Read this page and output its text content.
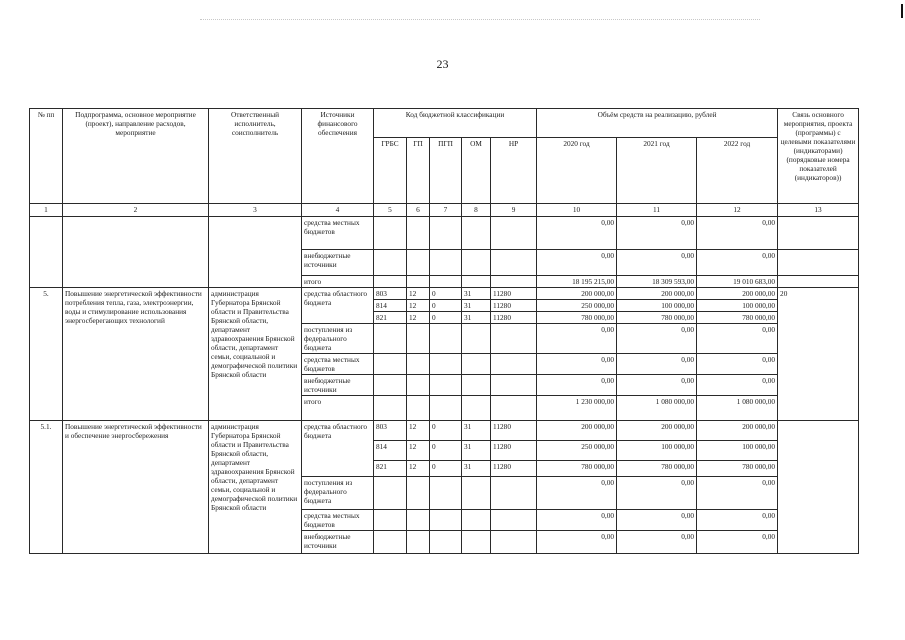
23
№ пп	Подпрограмма, основное мероприятие (проект), направление расходов, мероприятие	Ответственный исполнитель, соисполнитель	Источники финансового обеспечения	Код бюджетной классификации					Объём средств на реализацию, рублей			Связь основного мероприятия, проекта (программы) с целевыми показателями (индикаторами) (порядковые номера показателей (индикаторов))
				ГРБС	ГП	ПГП	ОМ	НР	2020 год	2021 год	2022 год	
1	2	3	4	5	6	7	8	9	10	11	12	13
			средства местных бюджетов						0,00	0,00	0,00	
			внебюджетные источники						0,00	0,00	0,00	
			итого						18 195 215,00	18 309 593,00	19 010 683,00	
5.	Повышение энергетической эффективности потребления тепла, газа, электроэнергии, воды и стимулирование использования энергосберегающих технологий	администрация Губернатора Брянской области и Правительства Брянской области, департамент здравоохранения Брянской области, департамент семьи, социальной и демографической политики Брянской области	средства областного бюджета	803	12	0	31	11280	200 000,00	200 000,00	200 000,00	20
				814	12	0	31	11280	250 000,00	100 000,00	100 000,00	
				821	12	0	31	11280	780 000,00	780 000,00	780 000,00	
			поступления из федерального бюджета						0,00	0,00	0,00	
			средства местных бюджетов						0,00	0,00	0,00	
			внебюджетные источники						0,00	0,00	0,00	
			итого						1 230 000,00	1 080 000,00	1 080 000,00	
5.1.	Повышение энергетической эффективности и обеспечение энергосбережения	администрация Губернатора Брянской области и Правительства Брянской области, департамент здравоохранения Брянской области, департамент семьи, социальной и демографической политики Брянской области	средства областного бюджета	803	12	0	31	11280	200 000,00	200 000,00	200 000,00	
				814	12	0	31	11280	250 000,00	100 000,00	100 000,00	
				821	12	0	31	11280	780 000,00	780 000,00	780 000,00	
			поступления из федерального бюджета						0,00	0,00	0,00	
			средства местных бюджетов						0,00	0,00	0,00	
			внебюджетные источники						0,00	0,00	0,00	
